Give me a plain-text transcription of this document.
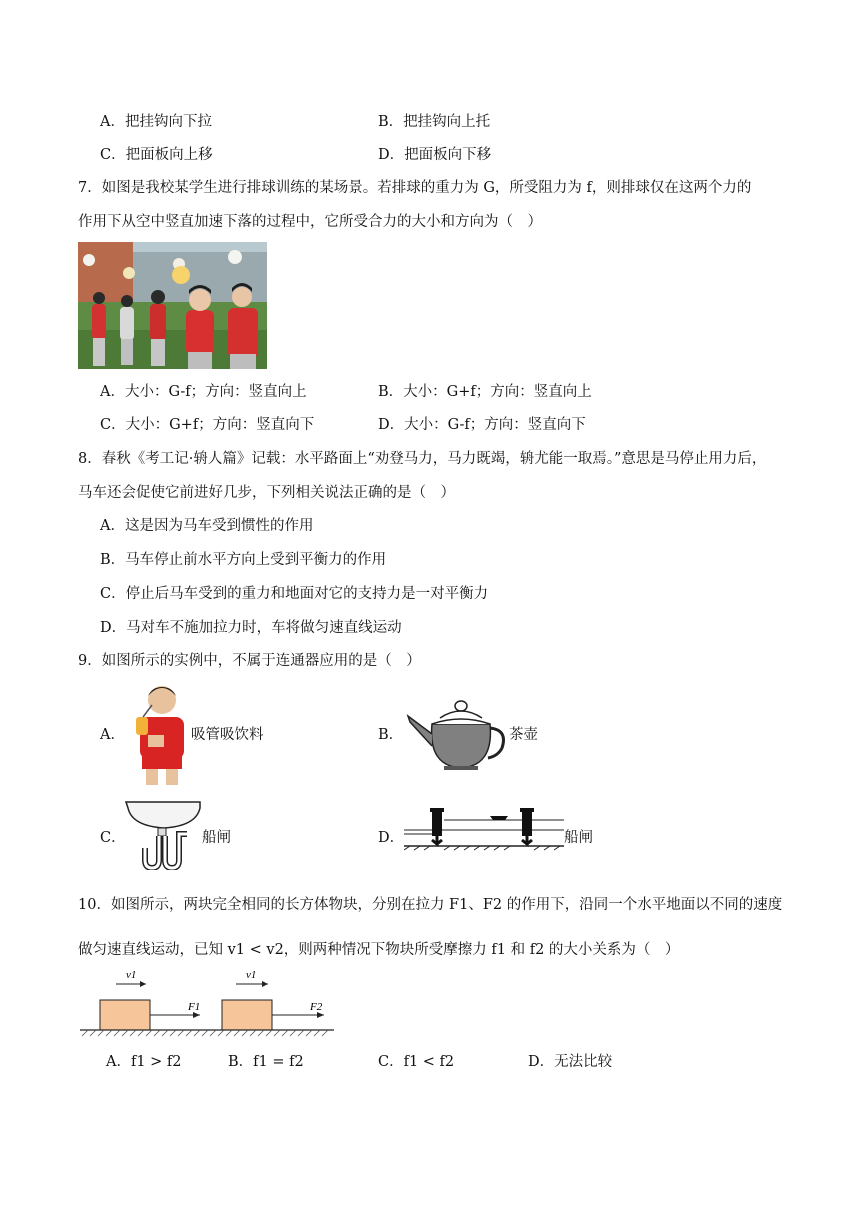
A．把挂钩向下拉	B．把挂钩向上托
C．把面板向上移	D．把面板向下移
7．如图是我校某学生进行排球训练的某场景。若排球的重力为 G，所受阻力为 f，则排球仅在这两个力的
作用下从空中竖直加速下落的过程中，它所受合力的大小和方向为（　）
A．大小：G-f；方向：竖直向上	B．大小：G+f；方向：竖直向上
C．大小：G+f；方向：竖直向下	D．大小：G-f；方向：竖直向下
8．春秋《考工记·辀人篇》记载：水平路面上“劝登马力，马力既竭，辀尤能一取焉。”意思是马停止用力后，
马车还会促使它前进好几步，下列相关说法正确的是（　）
A．这是因为马车受到惯性的作用
B．马车停止前水平方向上受到平衡力的作用
C．停止后马车受到的重力和地面对它的支持力是一对平衡力
D．马对车不施加拉力时，车将做匀速直线运动
9．如图所示的实例中，不属于连通器应用的是（　）
A．	吸管吸饮料	B．	茶壶
C．	船闸	D．	船闸
10．如图所示，两块完全相同的长方体物块，分别在拉力 F1、F2 的作用下，沿同一个水平地面以不同的速度
做匀速直线运动，已知 v1 < v2，则两种情况下物块所受摩擦力 f1 和 f2 的大小关系为（　）
v1
F1
v1
F2
A．f1 > f2	B．f1 = f2	C．f1 < f2	D．无法比较
